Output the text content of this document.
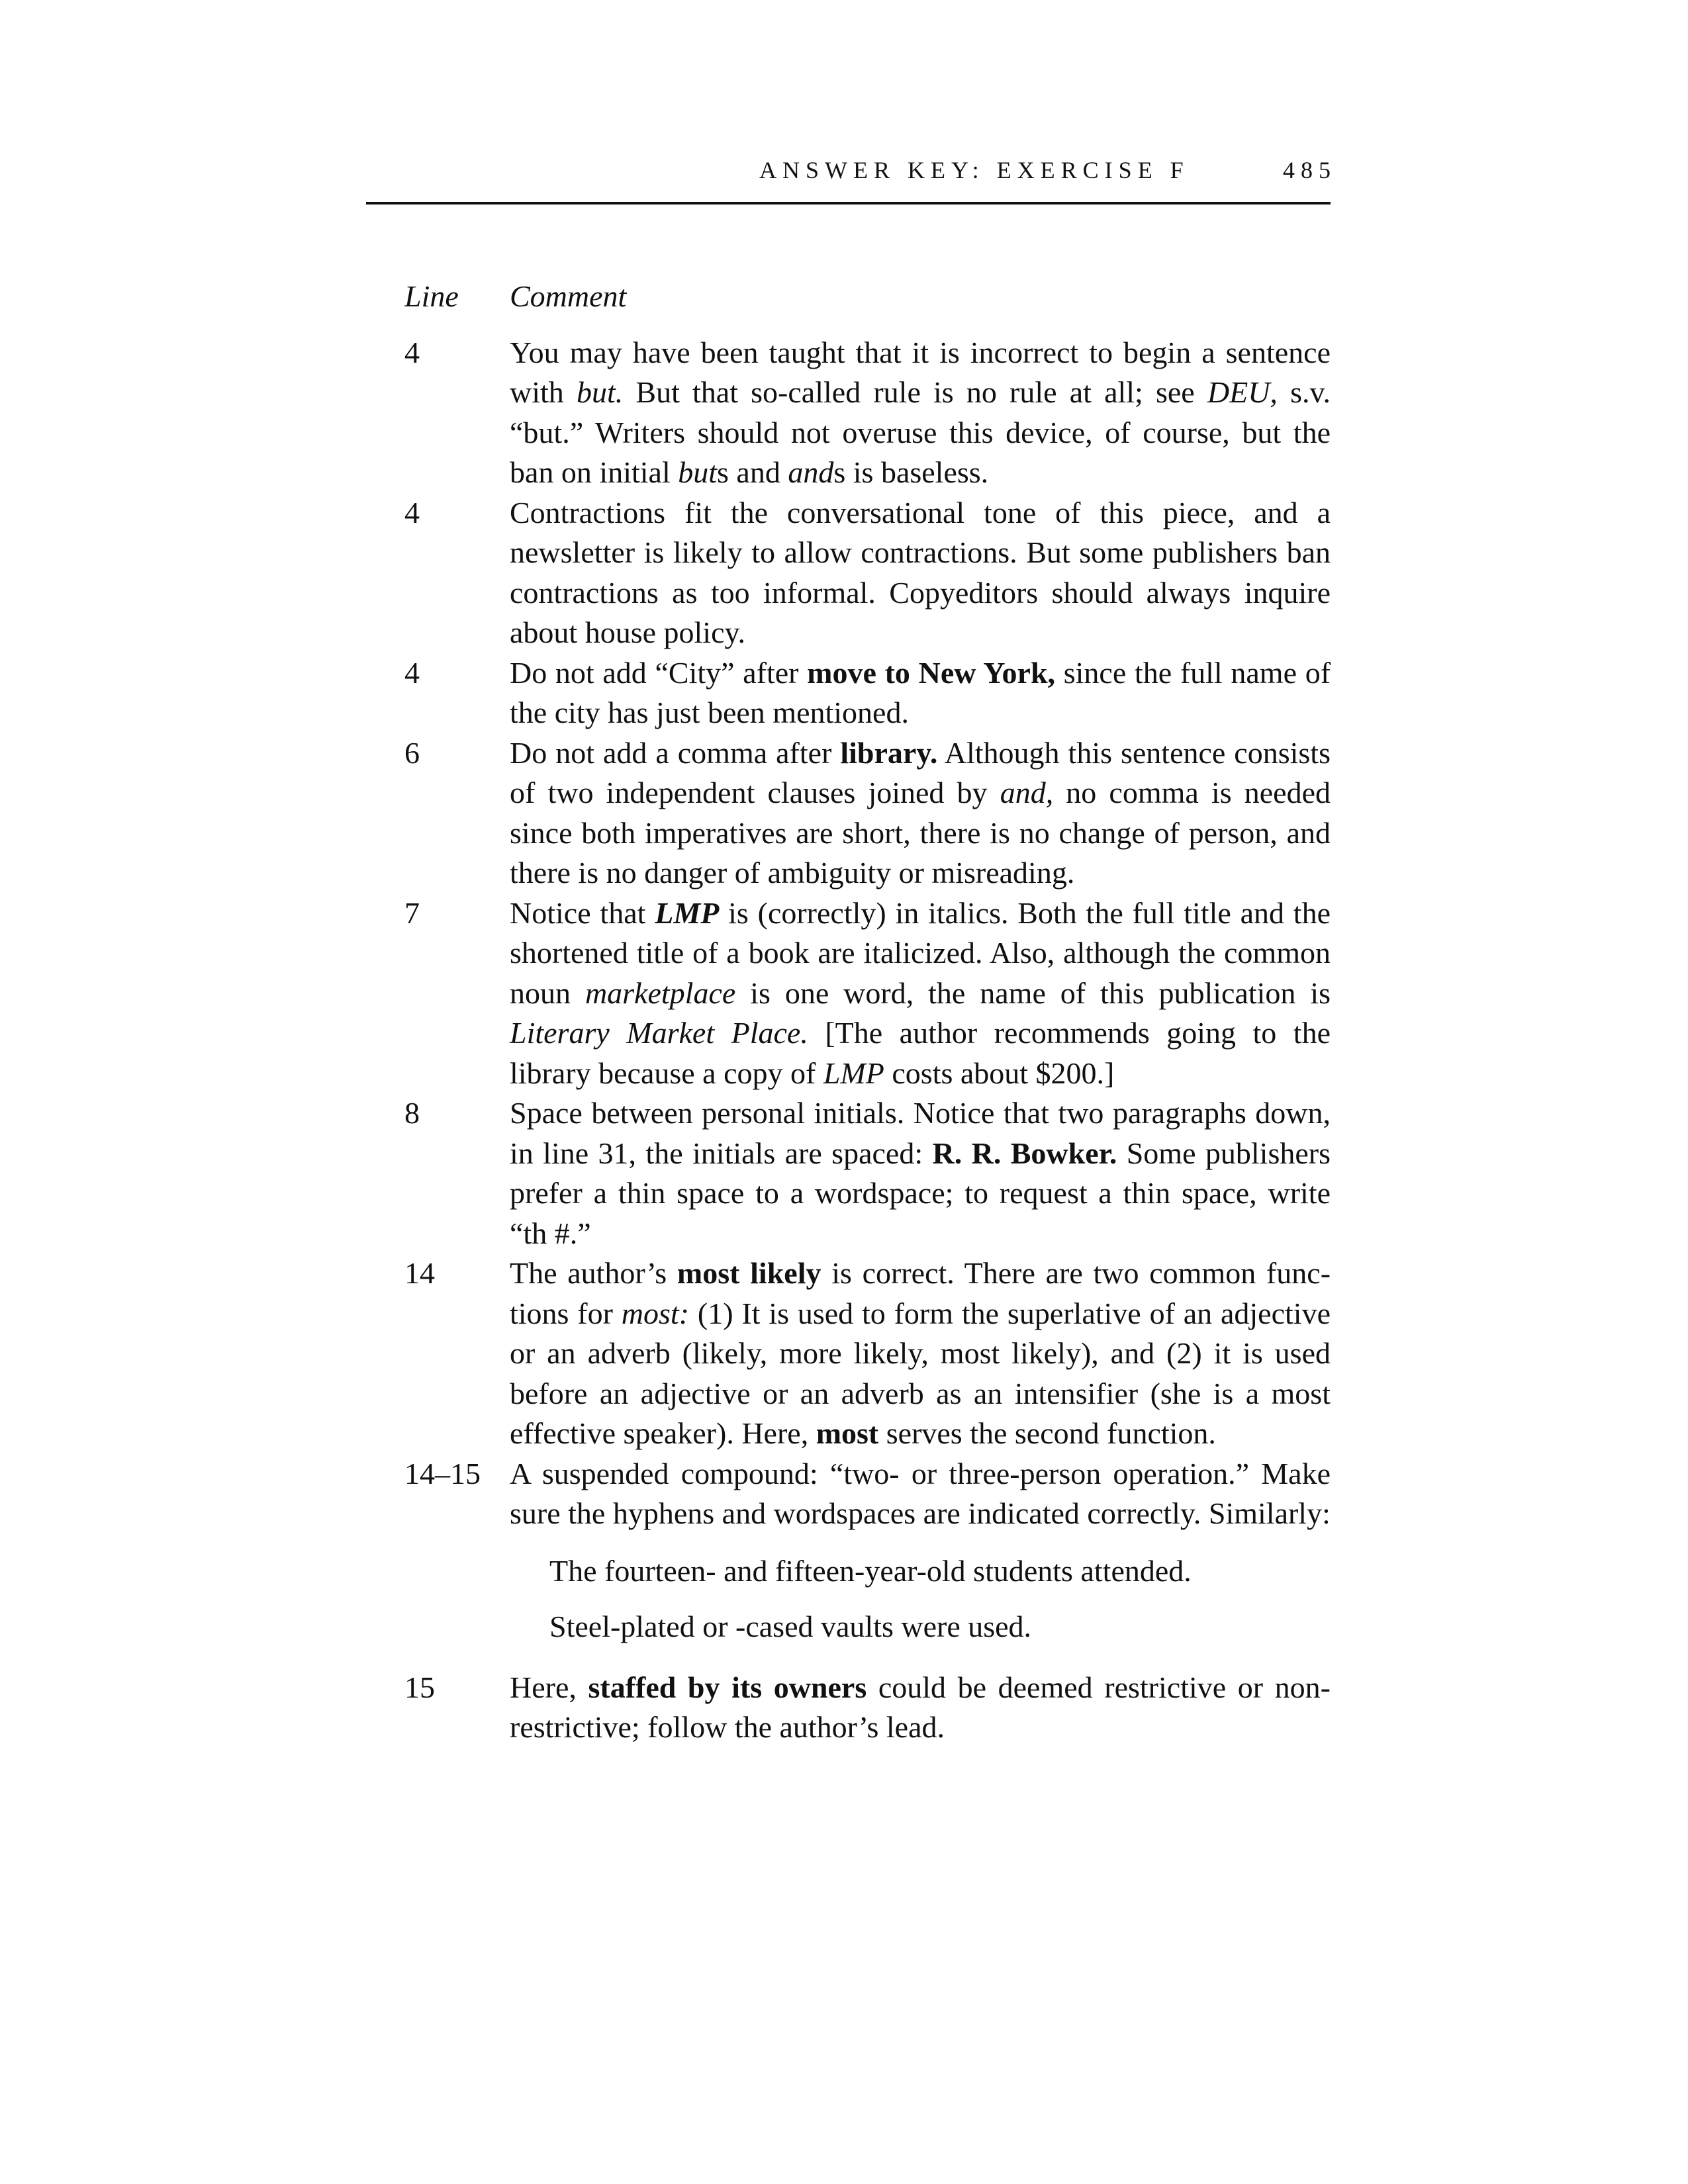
ANSWER KEY: EXERCISE F	485
Line	Comment
4	You may have been taught that it is incorrect to begin a sentence with but. But that so-called rule is no rule at all; see DEU, s.v. “but.” Writers should not overuse this device, of course, but the ban on initial buts and ands is baseless.
4	Contractions fit the conversational tone of this piece, and a newsletter is likely to allow contractions. But some publishers ban contractions as too informal. Copyeditors should always inquire about house policy.
4	Do not add “City” after move to New York, since the full name of the city has just been mentioned.
6	Do not add a comma after library. Although this sentence consists of two independent clauses joined by and, no comma is needed since both imperatives are short, there is no change of person, and there is no danger of ambiguity or misreading.
7	Notice that LMP is (correctly) in italics. Both the full title and the shortened title of a book are italicized. Also, although the common noun marketplace is one word, the name of this publication is Literary Market Place. [The author recommends going to the library because a copy of LMP costs about $200.]
8	Space between personal initials. Notice that two paragraphs down, in line 31, the initials are spaced: R. R. Bowker. Some publishers prefer a thin space to a wordspace; to request a thin space, write “th #.”
14	The author’s most likely is correct. There are two common functions for most: (1) It is used to form the superlative of an adjective or an adverb (likely, more likely, most likely), and (2) it is used before an adjective or an adverb as an intensifier (she is a most effective speaker). Here, most serves the second function.
14–15 A suspended compound: “two- or three-person operation.” Make sure the hyphens and wordspaces are indicated correctly. Similarly:
The fourteen- and fifteen-year-old students attended.
Steel-plated or -cased vaults were used.
15	Here, staffed by its owners could be deemed restrictive or nonrestrictive; follow the author’s lead.
